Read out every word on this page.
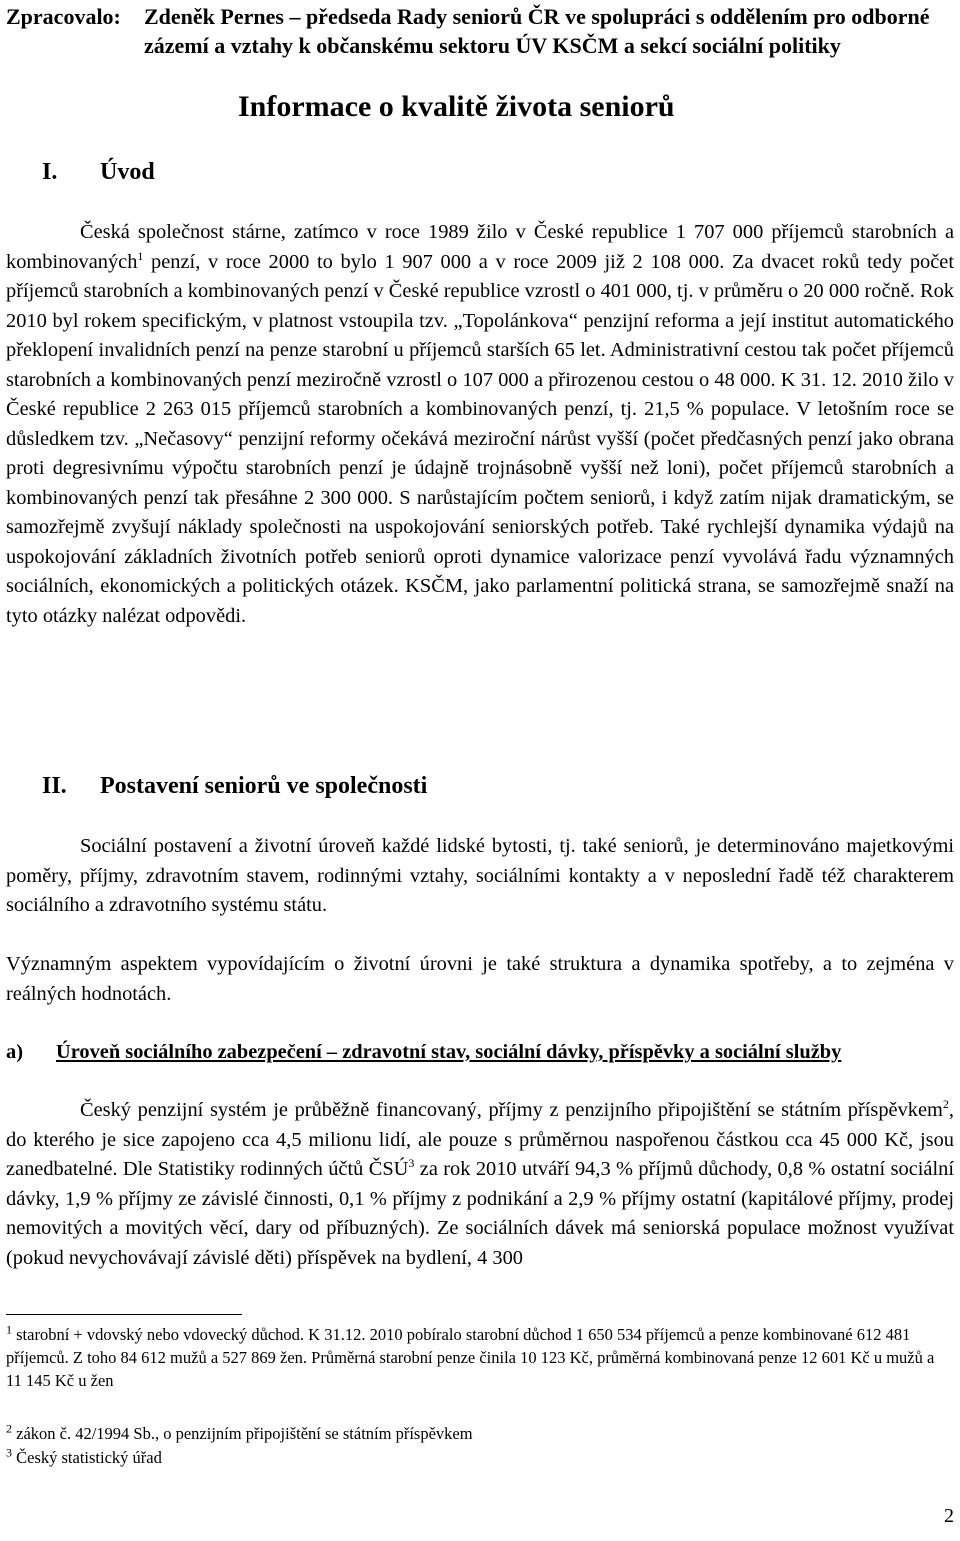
Zpracovalo:	Zdeněk Pernes – předseda Rady seniorů ČR ve spolupráci s oddělením pro odborné zázemí a vztahy k občanskému sektoru ÚV KSČM a sekcí sociální politiky
Informace o kvalitě života seniorů
I. Úvod
Česká společnost stárne, zatímco v roce 1989 žilo v České republice 1 707 000 příjemců starobních a kombinovaných$^1$ penzí, v roce 2000 to bylo 1 907 000 a v roce 2009 již 2 108 000. Za dvacet roků tedy počet příjemců starobních a kombinovaných penzí v České republice vzrostl o 401 000, tj. v průměru o 20 000 ročně. Rok 2010 byl rokem specifickým, v platnost vstoupila tzv. „Topolánkova“ penzijní reforma a její institut automatického překlopení invalidních penzí na penze starobní u příjemců starších 65 let. Administrativní cestou tak počet příjemců starobních a kombinovaných penzí meziročně vzrostl o 107 000 a přirozenou cestou o 48 000. K 31. 12. 2010 žilo v České republice 2 263 015 příjemců starobních a kombinovaných penzí, tj. 21,5 % populace. V letošním roce se důsledkem tzv. „Nečasovy“ penzijní reformy očekává meziroční nárůst vyšší (počet předčasných penzí jako obrana proti degresivnímu výpočtu starobních penzí je údajně trojnásobně vyšší než loni), počet příjemců starobních a kombinovaných penzí tak přesáhne 2 300 000. S narůstajícím počtem seniorů, i když zatím nijak dramatickým, se samozřejmě zvyšují náklady společnosti na uspokojování seniorských potřeb. Také rychlejší dynamika výdajů na uspokojování základních životních potřeb seniorů oproti dynamice valorizace penzí vyvolává řadu významných sociálních, ekonomických a politických otázek. KSČM, jako parlamentní politická strana, se samozřejmě snaží na tyto otázky nalézat odpovědi.
II. Postavení seniorů ve společnosti
Sociální postavení a životní úroveň každé lidské bytosti, tj. také seniorů, je determinováno majetkovými poměry, příjmy, zdravotním stavem, rodinnými vztahy, sociálními kontakty a v neposlední řadě též charakterem sociálního a zdravotního systému státu.
Významným aspektem vypovídajícím o životní úrovni je také struktura a dynamika spotřeby, a to zejména v reálných hodnotách.
a)	Úroveň sociálního zabezpečení – zdravotní stav, sociální dávky, příspěvky a sociální služby
Český penzijní systém je průběžně financovaný, příjmy z penzijního připojištění se státním příspěvkem$^2$, do kterého je sice zapojeno cca 4,5 milionu lidí, ale pouze s průměrnou naspořenou částkou cca 45 000 Kč, jsou zanedbatelné. Dle Statistiky rodinných účtů ČSÚ$^3$ za rok 2010 utváří 94,3 % příjmů důchody, 0,8 % ostatní sociální dávky, 1,9 % příjmy ze závislé činnosti, 0,1 % příjmy z podnikání a 2,9 % příjmy ostatní (kapitálové příjmy, prodej nemovitých a movitých věcí, dary od příbuzných). Ze sociálních dávek má seniorská populace možnost využívat (pokud nevychovávají závislé děti) příspěvek na bydlení, 4 300
$^1$ starobní + vdovský nebo vdovecký důchod. K 31.12. 2010 pobíralo starobní důchod 1 650 534 příjemců a penze kombinované 612 481 příjemců. Z toho 84 612 mužů a 527 869 žen. Průměrná starobní penze činila 10 123 Kč, průměrná kombinovaná penze 12 601 Kč u mužů a 11 145 Kč u žen
$^2$ zákon č. 42/1994 Sb., o penzijním připojištění se státním příspěvkem
$^3$ Český statistický úřad
2
